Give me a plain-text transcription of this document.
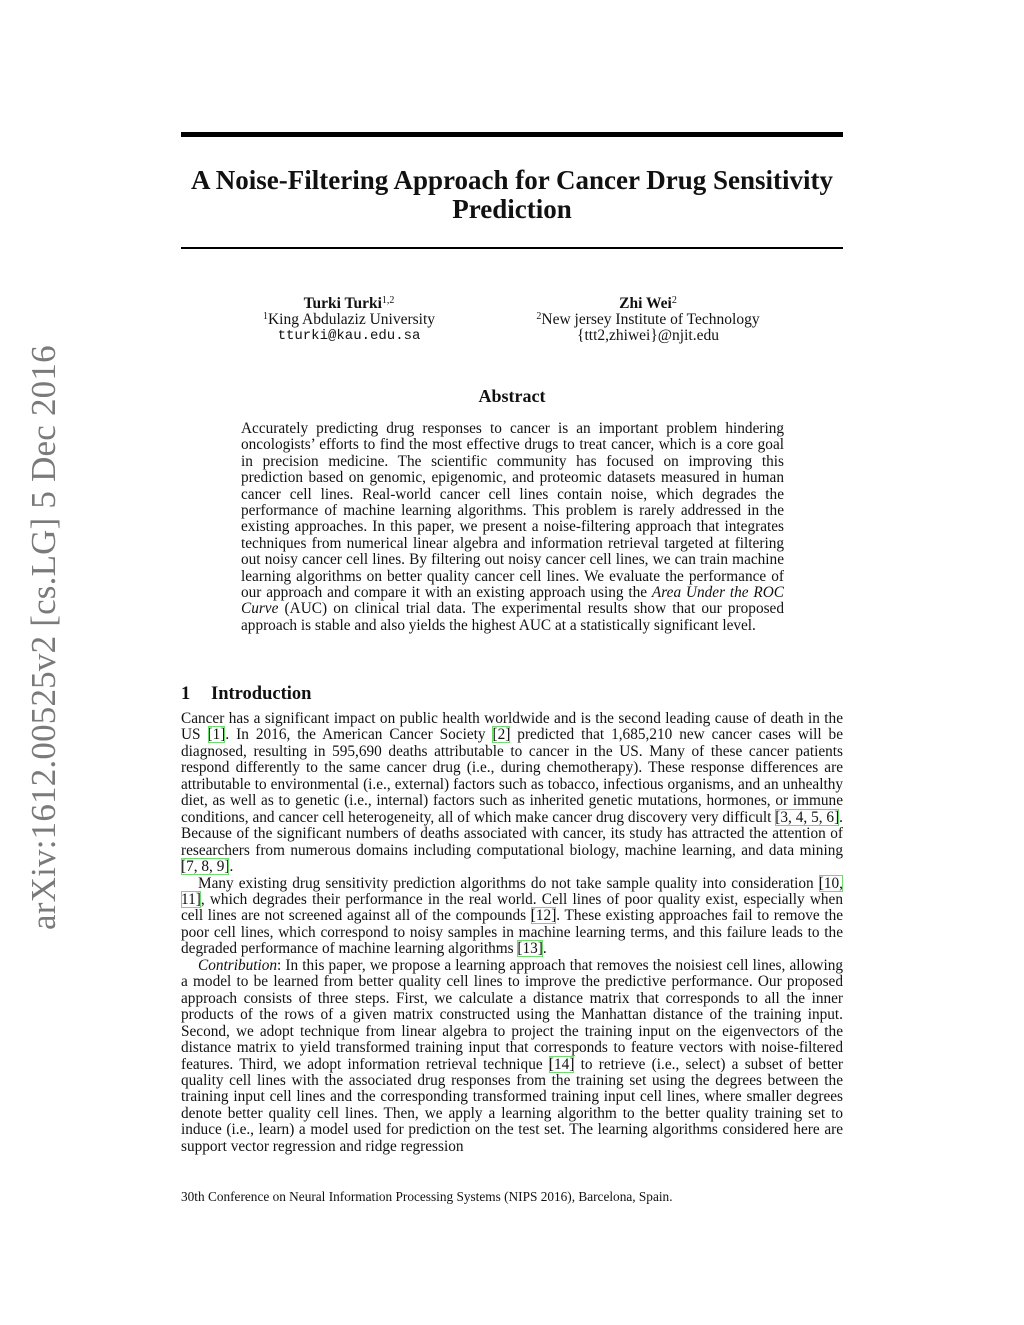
A Noise-Filtering Approach for Cancer Drug Sensitivity Prediction
arXiv:1612.00525v2 [cs.LG] 5 Dec 2016
Turki Turki$^{1,2}$
$^1$King Abdulaziz University
tturki@kau.edu.sa
Zhi Wei$^2$
$^2$New jersey Institute of Technology
{ttt2,zhiwei}@njit.edu
Abstract

Accurately predicting drug responses to cancer is an important problem hindering oncologists’ efforts to find the most effective drugs to treat cancer, which is a core goal in precision medicine. The scientific community has focused on improving this prediction based on genomic, epigenomic, and proteomic datasets measured in human cancer cell lines. Real-world cancer cell lines contain noise, which degrades the performance of machine learning algorithms. This problem is rarely addressed in the existing approaches. In this paper, we present a noise-filtering approach that integrates techniques from numerical linear algebra and information retrieval targeted at filtering out noisy cancer cell lines. By filtering out noisy cancer cell lines, we can train machine learning algorithms on better quality cancer cell lines. We evaluate the performance of our approach and compare it with an existing approach using the Area Under the ROC Curve (AUC) on clinical trial data. The experimental results show that our proposed approach is stable and also yields the highest AUC at a statistically significant level.

1 Introduction

Cancer has a significant impact on public health worldwide and is the second leading cause of death in the US [1]. In 2016, the American Cancer Society [2] predicted that 1,685,210 new cancer cases will be diagnosed, resulting in 595,690 deaths attributable to cancer in the US. Many of these cancer patients respond differently to the same cancer drug (i.e., during chemotherapy). These response differences are attributable to environmental (i.e., external) factors such as tobacco, infectious organisms, and an unhealthy diet, as well as to genetic (i.e., internal) factors such as inherited genetic mutations, hormones, or immune conditions, and cancer cell heterogeneity, all of which make cancer drug discovery very difficult [3, 4, 5, 6]. Because of the significant numbers of deaths associated with cancer, its study has attracted the attention of researchers from numerous domains including computational biology, machine learning, and data mining [7, 8, 9].

Many existing drug sensitivity prediction algorithms do not take sample quality into consideration [10, 11], which degrades their performance in the real world. Cell lines of poor quality exist, especially when cell lines are not screened against all of the compounds [12]. These existing approaches fail to remove the poor cell lines, which correspond to noisy samples in machine learning terms, and this failure leads to the degraded performance of machine learning algorithms [13].

Contribution: In this paper, we propose a learning approach that removes the noisiest cell lines, allowing a model to be learned from better quality cell lines to improve the predictive performance. Our proposed approach consists of three steps. First, we calculate a distance matrix that corresponds to all the inner products of the rows of a given matrix constructed using the Manhattan distance of the training input. Second, we adopt technique from linear algebra to project the training input on the eigenvectors of the distance matrix to yield transformed training input that corresponds to feature vectors with noise-filtered features. Third, we adopt information retrieval technique [14] to retrieve (i.e., select) a subset of better quality cell lines with the associated drug responses from the training set using the degrees between the training input cell lines and the corresponding transformed training input cell lines, where smaller degrees denote better quality cell lines. Then, we apply a learning algorithm to the better quality training set to induce (i.e., learn) a model used for prediction on the test set. The learning algorithms considered here are support vector regression and ridge regression

30th Conference on Neural Information Processing Systems (NIPS 2016), Barcelona, Spain.
